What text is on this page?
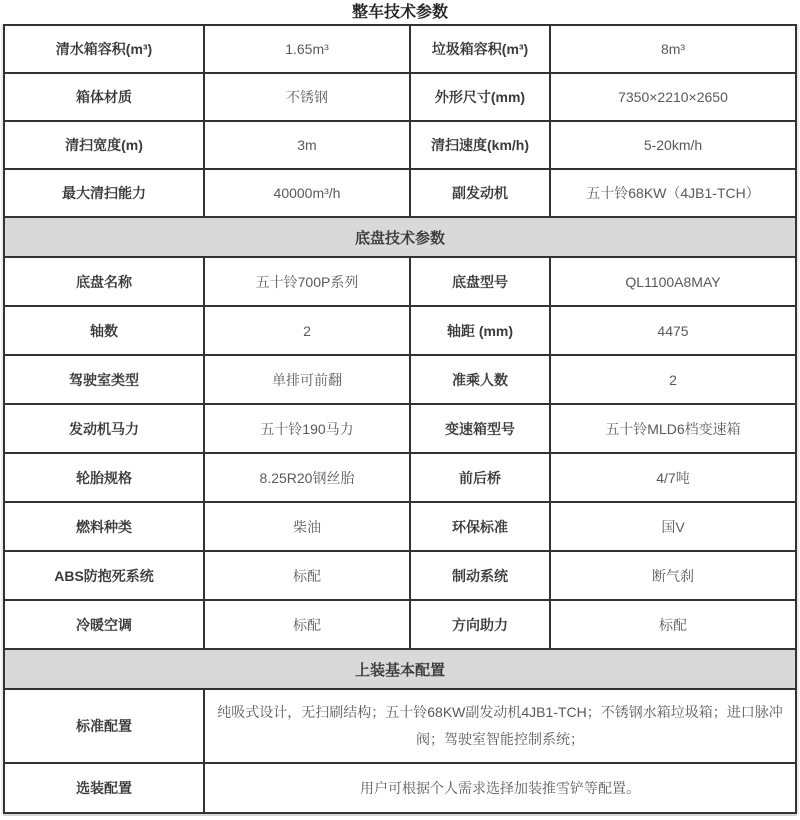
整车技术参数
清水箱容积(m³)	1.65m³	垃圾箱容积(m³)	8m³
箱体材质	不锈钢	外形尺寸(mm)	7350×2210×2650
清扫宽度(m)	3m	清扫速度(km/h)	5-20km/h
最大清扫能力	40000m³/h	副发动机	五十铃68KW（4JB1-TCH）
底盘技术参数			
底盘名称	五十铃700P系列	底盘型号	QL1100A8MAY
轴数	2	轴距 (mm)	4475
驾驶室类型	单排可前翻	准乘人数	2
发动机马力	五十铃190马力	变速箱型号	五十铃MLD6档变速箱
轮胎规格	8.25R20钢丝胎	前后桥	4/7吨
燃料种类	柴油	环保标准	国V
ABS防抱死系统	标配	制动系统	断气刹
冷暖空调	标配	方向助力	标配
上装基本配置			
标准配置	纯吸式设计，无扫刷结构；五十铃68KW副发动机4JB1-TCH；不锈钢水箱垃圾箱；进口脉冲阀；驾驶室智能控制系统；		
选装配置	用户可根据个人需求选择加装推雪铲等配置。		
